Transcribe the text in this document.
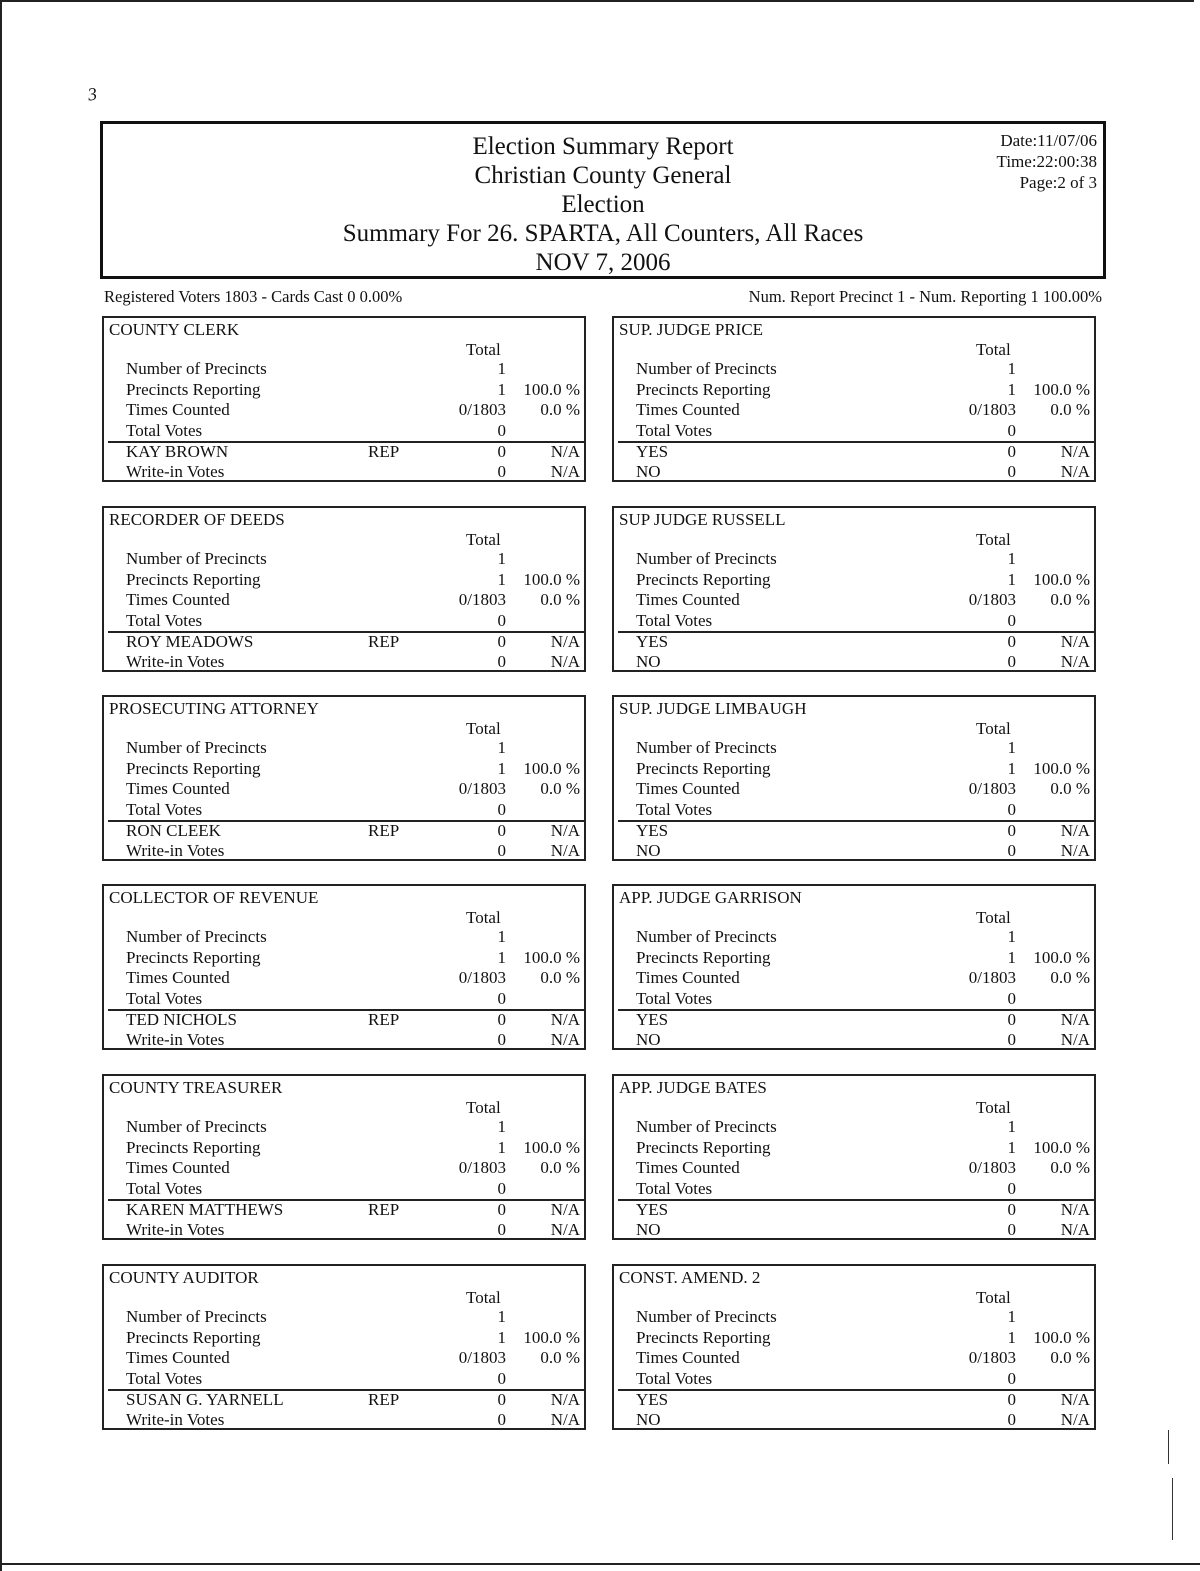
3
Election Summary Report
Christian County General
Election
Summary For 26. SPARTA, All Counters, All Races
NOV 7, 2006
Date:11/07/06
Time:22:00:38
Page:2 of 3
Registered Voters 1803 - Cards Cast 0 0.00%	Num. Report Precinct 1 - Num. Reporting 1 100.00%
COUNTY CLERK
Total
Number of Precincts	1
Precincts Reporting	1 100.0 %
Times Counted	0/1803 0.0 %
Total Votes	0
KAY BROWN	REP	0	N/A
Write-in Votes	0	N/A
RECORDER OF DEEDS
Total
Number of Precincts	1
Precincts Reporting	1 100.0 %
Times Counted	0/1803 0.0 %
Total Votes	0
ROY MEADOWS	REP	0	N/A
Write-in Votes	0	N/A
PROSECUTING ATTORNEY
Total
Number of Precincts	1
Precincts Reporting	1 100.0 %
Times Counted	0/1803 0.0 %
Total Votes	0
RON CLEEK	REP	0	N/A
Write-in Votes	0	N/A
COLLECTOR OF REVENUE
Total
Number of Precincts	1
Precincts Reporting	1 100.0 %
Times Counted	0/1803 0.0 %
Total Votes	0
TED NICHOLS	REP	0	N/A
Write-in Votes	0	N/A
COUNTY TREASURER
Total
Number of Precincts	1
Precincts Reporting	1 100.0 %
Times Counted	0/1803 0.0 %
Total Votes	0
KAREN MATTHEWS	REP	0	N/A
Write-in Votes	0	N/A
COUNTY AUDITOR
Total
Number of Precincts	1
Precincts Reporting	1 100.0 %
Times Counted	0/1803 0.0 %
Total Votes	0
SUSAN G. YARNELL	REP	0	N/A
Write-in Votes	0	N/A
SUP. JUDGE PRICE
Total
Number of Precincts	1
Precincts Reporting	1 100.0 %
Times Counted	0/1803 0.0 %
Total Votes	0
YES	0	N/A
NO	0	N/A
SUP JUDGE RUSSELL
Total
Number of Precincts	1
Precincts Reporting	1 100.0 %
Times Counted	0/1803 0.0 %
Total Votes	0
YES	0	N/A
NO	0	N/A
SUP. JUDGE LIMBAUGH
Total
Number of Precincts	1
Precincts Reporting	1 100.0 %
Times Counted	0/1803 0.0 %
Total Votes	0
YES	0	N/A
NO	0	N/A
APP. JUDGE GARRISON
Total
Number of Precincts	1
Precincts Reporting	1 100.0 %
Times Counted	0/1803 0.0 %
Total Votes	0
YES	0	N/A
NO	0	N/A
APP. JUDGE BATES
Total
Number of Precincts	1
Precincts Reporting	1 100.0 %
Times Counted	0/1803 0.0 %
Total Votes	0
YES	0	N/A
NO	0	N/A
CONST. AMEND. 2
Total
Number of Precincts	1
Precincts Reporting	1 100.0 %
Times Counted	0/1803 0.0 %
Total Votes	0
YES	0	N/A
NO	0	N/A
